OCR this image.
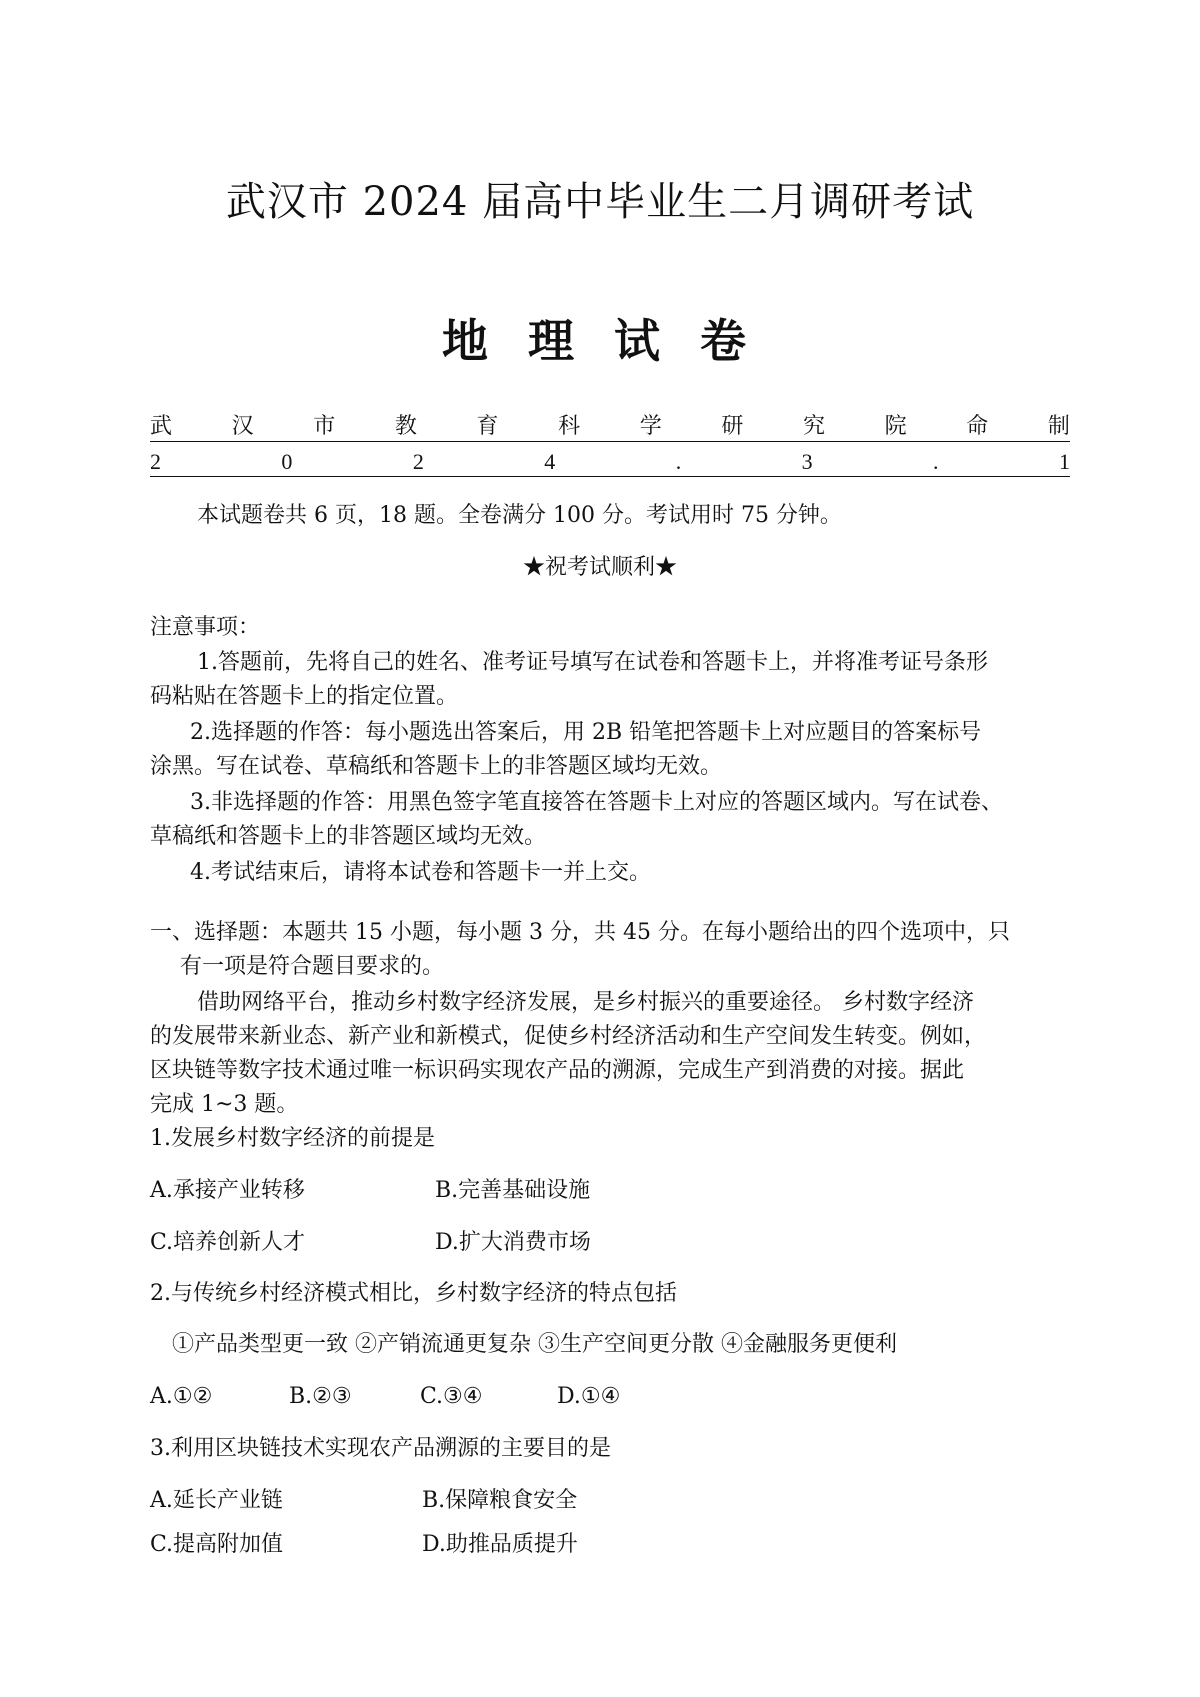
武汉市 2024 届高中毕业生二月调研考试
地 理 试 卷
武	汉	市	教	育	科	学	研	究	院	命	制
2	0	2	4	.	3	.	1
本试题卷共 6 页，18 题。全卷满分 100 分。考试用时 75 分钟。
★祝考试顺利★
注意事项：
1.答题前，先将自己的姓名、准考证号填写在试卷和答题卡上，并将准考证号条形
码粘贴在答题卡上的指定位置。
2.选择题的作答：每小题选出答案后，用 2B 铅笔把答题卡上对应题目的答案标号
涂黑。写在试卷、草稿纸和答题卡上的非答题区域均无效。
3.非选择题的作答：用黑色签字笔直接答在答题卡上对应的答题区域内。写在试卷、
草稿纸和答题卡上的非答题区域均无效。
4.考试结束后，请将本试卷和答题卡一并上交。
一、选择题：本题共 15 小题，每小题 3 分，共 45 分。在每小题给出的四个选项中，只
有一项是符合题目要求的。
借助网络平台，推动乡村数字经济发展，是乡村振兴的重要途径。 乡村数字经济
的发展带来新业态、新产业和新模式，促使乡村经济活动和生产空间发生转变。例如，
区块链等数字技术通过唯一标识码实现农产品的溯源，完成生产到消费的对接。据此
完成 1~3 题。
1.发展乡村数字经济的前提是
A.承接产业转移	B.完善基础设施
C.培养创新人才	D.扩大消费市场
2.与传统乡村经济模式相比，乡村数字经济的特点包括
①产品类型更一致 ②产销流通更复杂 ③生产空间更分散 ④金融服务更便利
A.①②	B.②③	C.③④	D.①④
3.利用区块链技术实现农产品溯源的主要目的是
A.延长产业链	B.保障粮食安全
C.提高附加值	D.助推品质提升
